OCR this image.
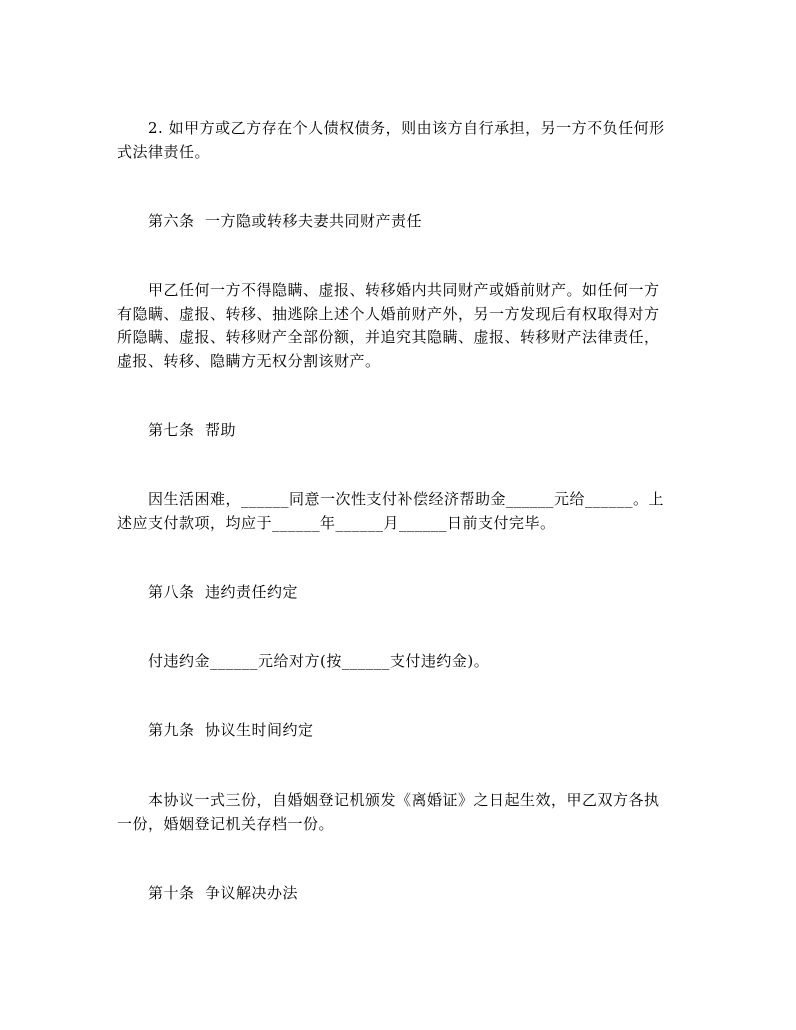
2. 如甲方或乙方存在个人债权债务，则由该方自行承担，另一方不负任何形

式法律责任。

第六条  一方隐或转移夫妻共同财产责任

甲乙任何一方不得隐瞒、虚报、转移婚内共同财产或婚前财产。如任何一方

有隐瞒、虚报、转移、抽逃除上述个人婚前财产外，另一方发现后有权取得对方

所隐瞒、虚报、转移财产全部份额，并追究其隐瞒、虚报、转移财产法律责任，

虚报、转移、隐瞒方无权分割该财产。

第七条  帮助

因生活困难，______同意一次性支付补偿经济帮助金______元给______。上

述应支付款项，均应于______年______月______日前支付完毕。

第八条  违约责任约定

付违约金______元给对方(按______支付违约金)。

第九条  协议生时间约定

本协议一式三份，自婚姻登记机颁发《离婚证》之日起生效，甲乙双方各执

一份，婚姻登记机关存档一份。

第十条  争议解决办法
